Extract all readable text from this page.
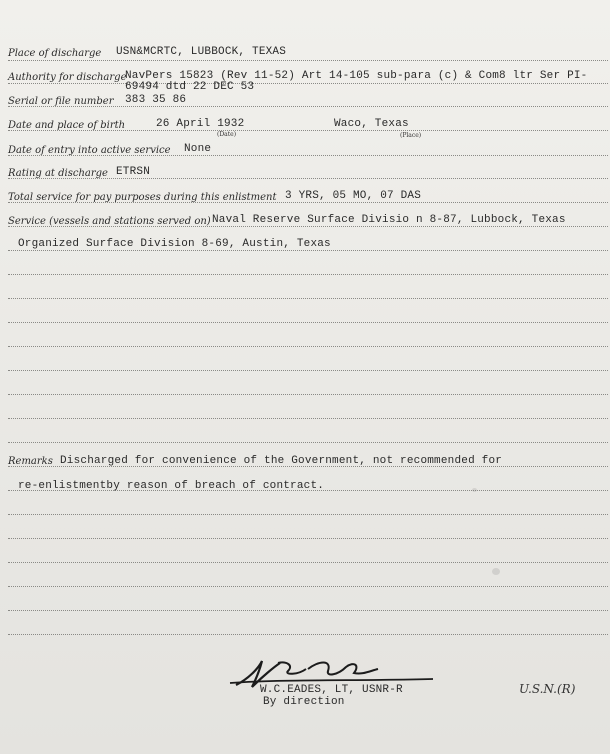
Place of discharge USN&MCRTC, LUBBOCK, TEXAS
Authority for discharge
NavPers 15823 (Rev 11-52) Art 14-105 sub-para (c) & Com8 ltr Ser PI-
69494 dtd 22 DEC 53
Serial or file number 383 35 86
Date and place of birth	26 April 1932
(Date)
Waco, Texas
(Place)
Date of entry into active service None
Rating at discharge ETRSN
Total service for pay purposes during this enlistment 3 YRS, 05 MO, 07 DAS
Service (vessels and stations served on) Naval Reserve Surface Divisio n 8-87, Lubbock, Texas
Organized Surface Division 8-69, Austin, Texas
Remarks Discharged for convenience of the Government, not recommended for
re-enlistmentby reason of breach of contract.
W.C.EADES, LT, USNR-R
By direction
U.S.N.(R)
